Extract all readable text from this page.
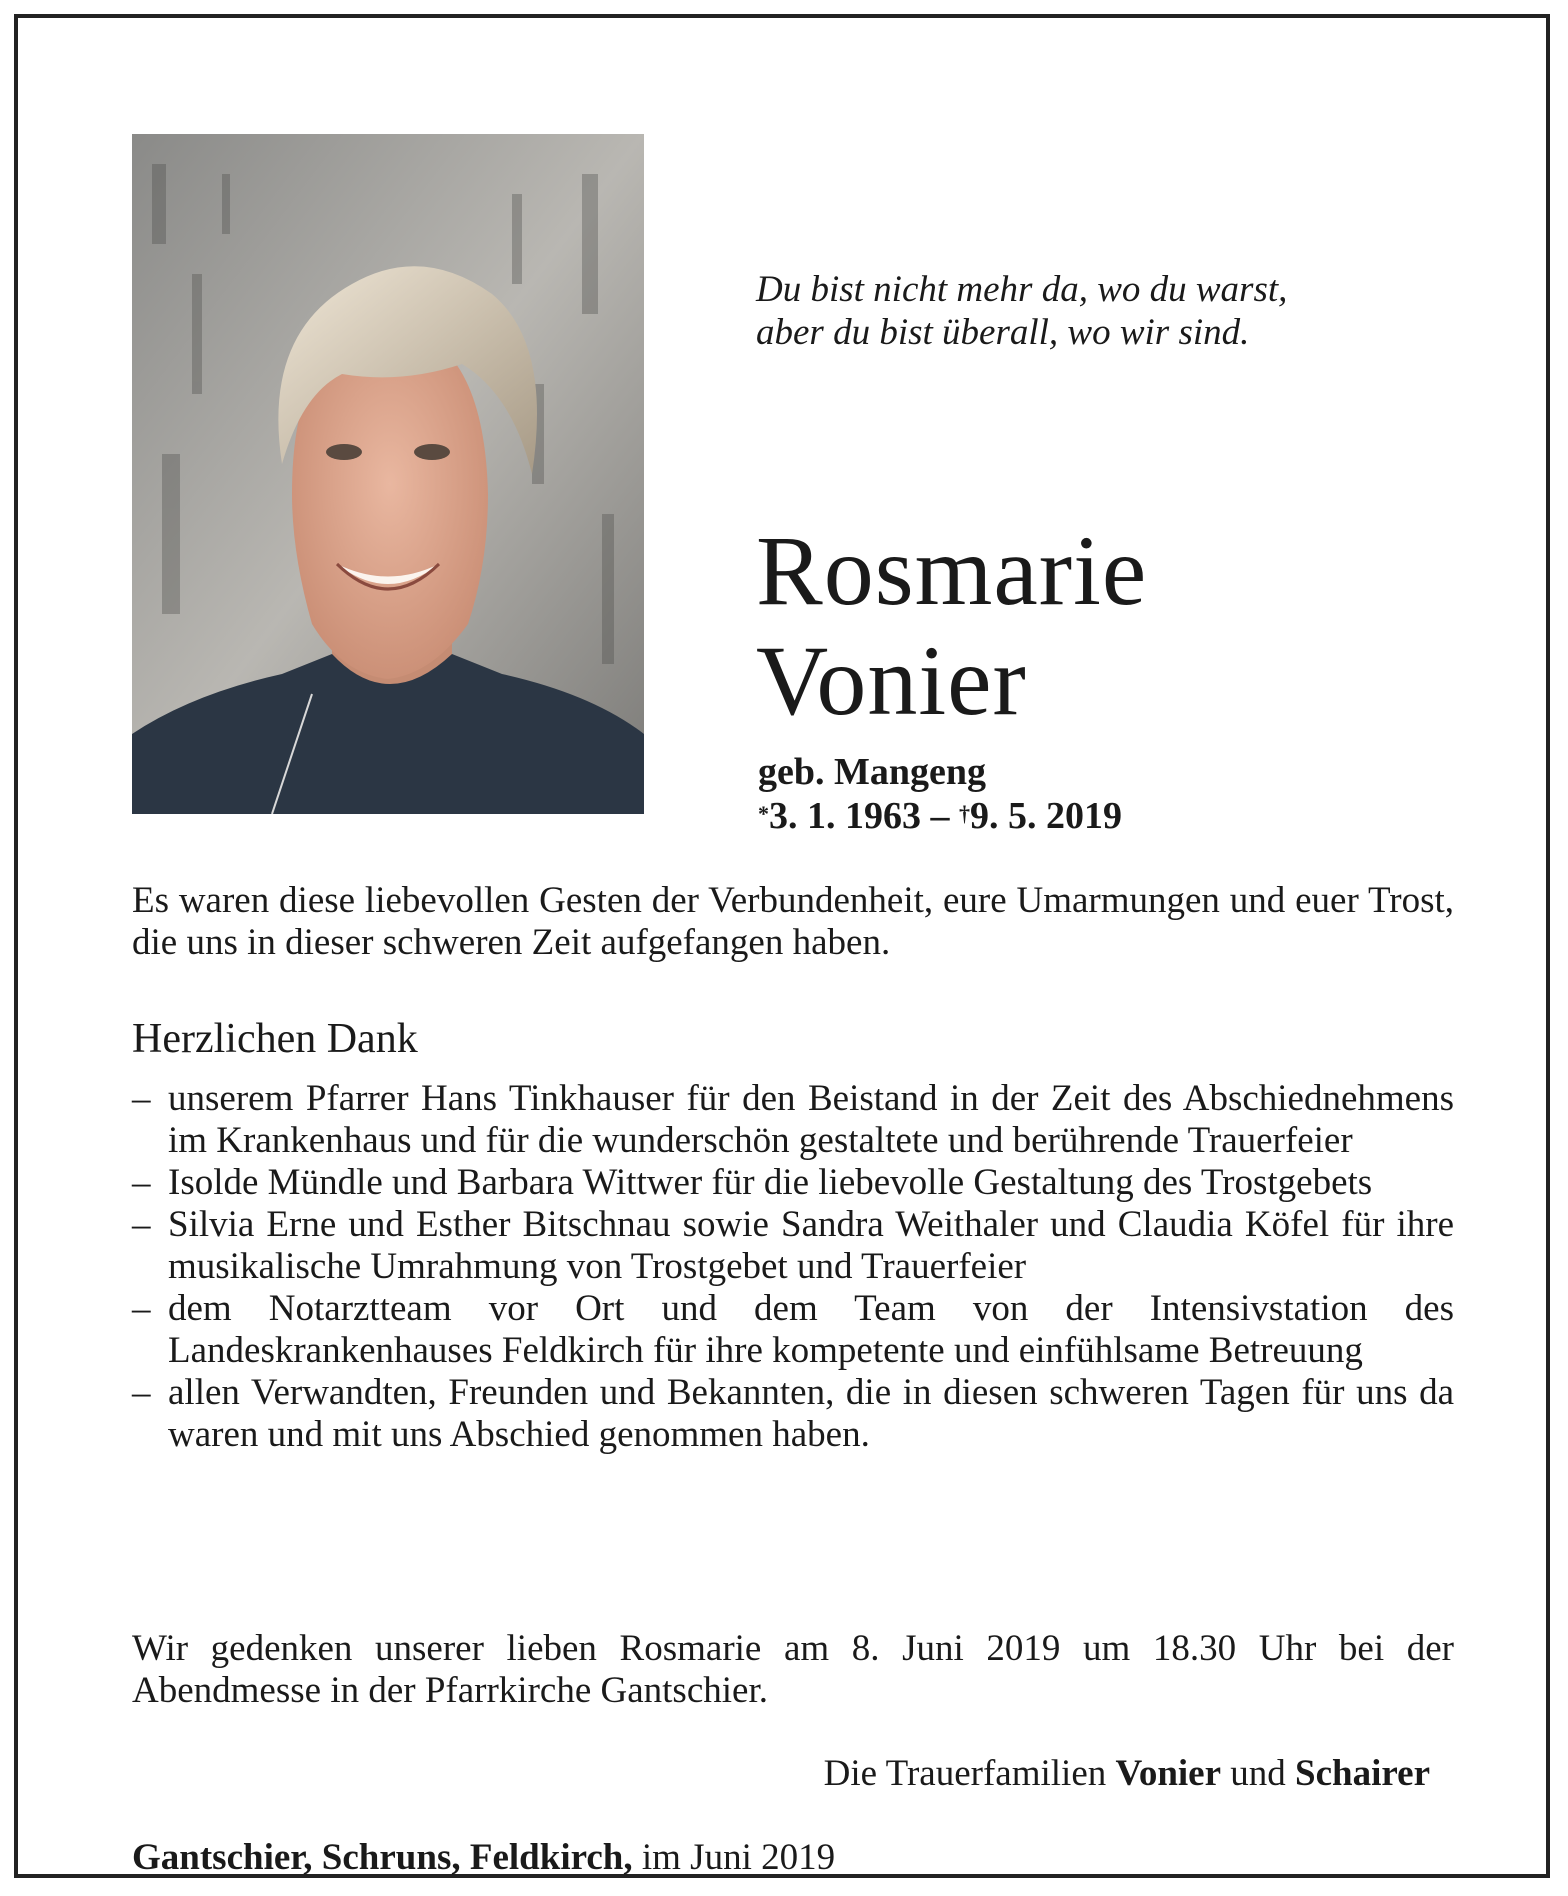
Du bist nicht mehr da, wo du warst,
aber du bist überall, wo wir sind.
Rosmarie
Vonier
geb. Mangeng
*3. 1. 1963 – †9. 5. 2019
Es waren diese liebevollen Gesten der Verbundenheit, eure Umarmungen und euer Trost, die uns in dieser schweren Zeit aufgefangen haben.
Herzlichen Dank
– unserem Pfarrer Hans Tinkhauser für den Beistand in der Zeit des Abschiednehmens im Krankenhaus und für die wunderschön gestaltete und berührende Trauerfeier
– Isolde Mündle und Barbara Wittwer für die liebevolle Gestaltung des Trostgebets
– Silvia Erne und Esther Bitschnau sowie Sandra Weithaler und Claudia Köfel für ihre musikalische Umrahmung von Trostgebet und Trauerfeier
– dem Notarztteam vor Ort und dem Team von der Intensivstation des Landeskrankenhauses Feldkirch für ihre kompetente und einfühlsame Betreuung
– allen Verwandten, Freunden und Bekannten, die in diesen schweren Tagen für uns da waren und mit uns Abschied genommen haben.
Wir gedenken unserer lieben Rosmarie am 8. Juni 2019 um 18.30 Uhr bei der Abendmesse in der Pfarrkirche Gantschier.
Die Trauerfamilien Vonier und Schairer
Gantschier, Schruns, Feldkirch, im Juni 2019
